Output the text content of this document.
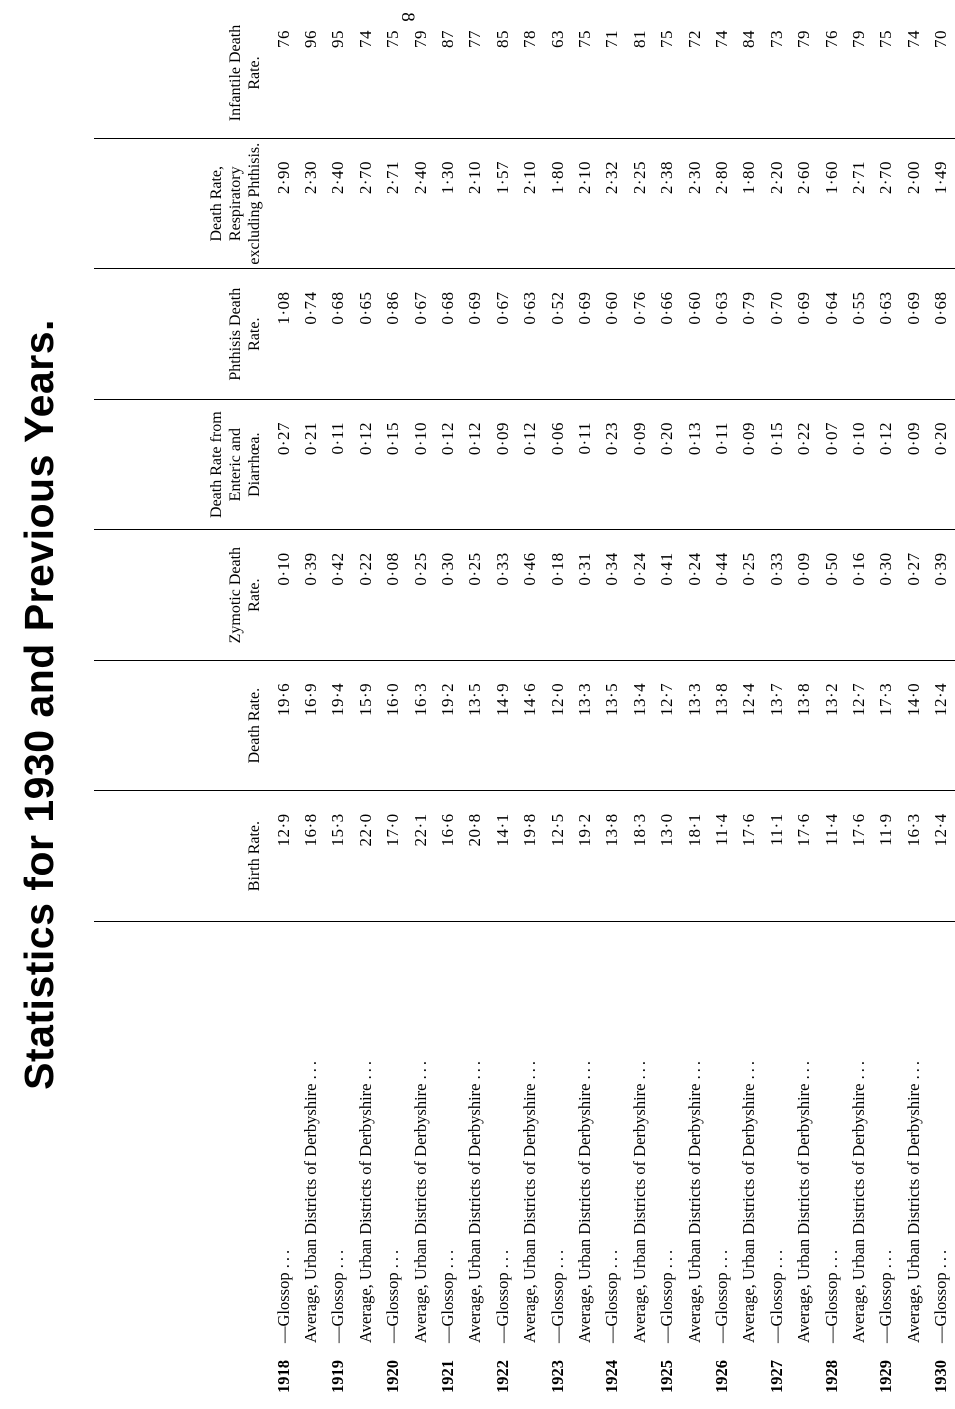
8
Statistics for 1930 and Previous Years.
		Birth Rate.	Death Rate.	Zymotic Death Rate.	Death Rate from Enteric and Diarrhœa.	Phthisis Death Rate.	Death Rate, Respiratory excluding Phthisis.	Infantile Death Rate.
1918—Glossop ...	12·9	19·6	0·10	0·27	1·08	2·90	76
Average, Urban Districts of Derbyshire ...	16·8	16·9	0·39	0·21	0·74	2·30	96
1919—Glossop ...	15·3	19·4	0·42	0·11	0·68	2·40	95
Average, Urban Districts of Derbyshire ...	22·0	15·9	0·22	0·12	0·65	2·70	74
1920—Glossop ...	17·0	16·0	0·08	0·15	0·86	2·71	75
Average, Urban Districts of Derbyshire ...	22·1	16·3	0·25	0·10	0·67	2·40	79
1921—Glossop ...	16·6	19·2	0·30	0·12	0·68	1·30	87
Average, Urban Districts of Derbyshire ...	20·8	13·5	0·25	0·12	0·69	2·10	77
1922—Glossop ...	14·1	14·9	0·33	0·09	0·67	1·57	85
Average, Urban Districts of Derbyshire ...	19·8	14·6	0·46	0·12	0·63	2·10	78
1923—Glossop ...	12·5	12·0	0·18	0·06	0·52	1·80	63
Average, Urban Districts of Derbyshire ...	19·2	13·3	0·31	0·11	0·69	2·10	75
1924—Glossop ...	13·8	13·5	0·34	0·23	0·60	2·32	71
Average, Urban Districts of Derbyshire ...	18·3	13·4	0·24	0·09	0·76	2·25	81
1925—Glossop ...	13·0	12·7	0·41	0·20	0·66	2·38	75
Average, Urban Districts of Derbyshire ...	18·1	13·3	0·24	0·13	0·60	2·30	72
1926—Glossop ...	11·4	13·8	0·44	0·11	0·63	2·80	74
Average, Urban Districts of Derbyshire ...	17·6	12·4	0·25	0·09	0·79	1·80	84
1927—Glossop ...	11·1	13·7	0·33	0·15	0·70	2·20	73
Average, Urban Districts of Derbyshire ...	17·6	13·8	0·09	0·22	0·69	2·60	79
1928—Glossop ...	11·4	13·2	0·50	0·07	0·64	1·60	76
Average, Urban Districts of Derbyshire ...	17·6	12·7	0·16	0·10	0·55	2·71	79
1929—Glossop ...	11·9	17·3	0·30	0·12	0·63	2·70	75
Average, Urban Districts of Derbyshire ...	16·3	14·0	0·27	0·09	0·69	2·00	74
1930—Glossop ...	12·4	12·4	0·39	0·20	0·68	1·49	70
